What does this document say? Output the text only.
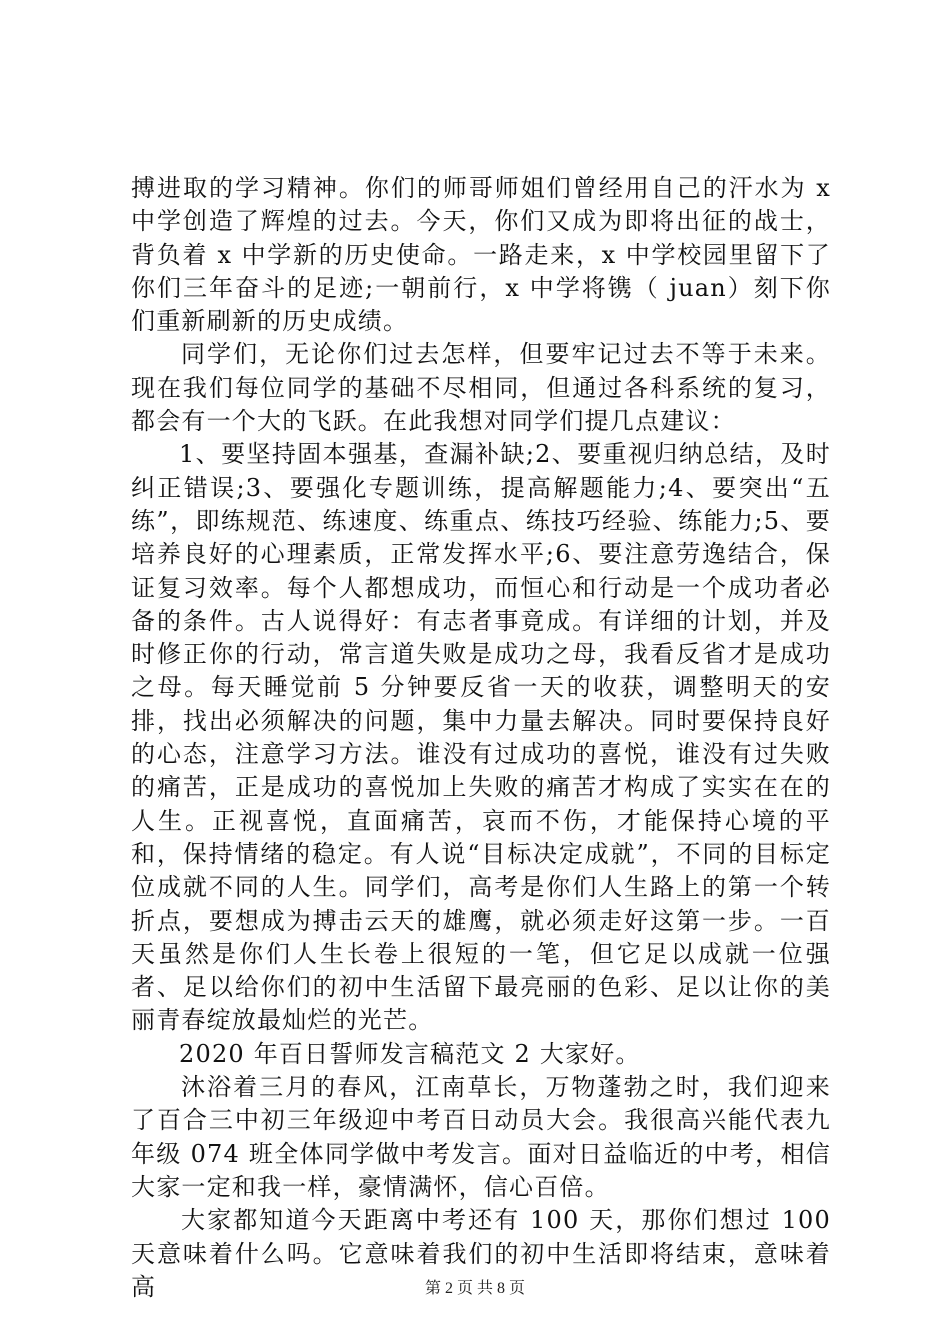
搏进取的学习精神。你们的师哥师姐们曾经用自己的汗水为 x 中学创造了辉煌的过去。今天，你们又成为即将出征的战士，背负着 x 中学新的历史使命。一路走来，x 中学校园里留下了你们三年奋斗的足迹;一朝前行，x 中学将镌（ juan）刻下你们重新刷新的历史成绩。

同学们，无论你们过去怎样，但要牢记过去不等于未来。现在我们每位同学的基础不尽相同，但通过各科系统的复习，都会有一个大的飞跃。在此我想对同学们提几点建议：

1、要坚持固本强基，查漏补缺;2、要重视归纳总结，及时纠正错误;3、要强化专题训练，提高解题能力;4、要突出“五练”，即练规范、练速度、练重点、练技巧经验、练能力;5、要培养良好的心理素质，正常发挥水平;6、要注意劳逸结合，保证复习效率。每个人都想成功，而恒心和行动是一个成功者必备的条件。古人说得好：有志者事竟成。有详细的计划，并及时修正你的行动，常言道失败是成功之母，我看反省才是成功之母。每天睡觉前 5 分钟要反省一天的收获，调整明天的安排，找出必须解决的问题，集中力量去解决。同时要保持良好的心态，注意学习方法。谁没有过成功的喜悦，谁没有过失败的痛苦，正是成功的喜悦加上失败的痛苦才构成了实实在在的人生。正视喜悦，直面痛苦，哀而不伤，才能保持心境的平和，保持情绪的稳定。有人说“目标决定成就”，不同的目标定位成就不同的人生。同学们，高考是你们人生路上的第一个转折点，要想成为搏击云天的雄鹰，就必须走好这第一步。一百天虽然是你们人生长卷上很短的一笔，但它足以成就一位强者、足以给你们的初中生活留下最亮丽的色彩、足以让你的美丽青春绽放最灿烂的光芒。

2020 年百日誓师发言稿范文 2 大家好。

沐浴着三月的春风，江南草长，万物蓬勃之时，我们迎来了百合三中初三年级迎中考百日动员大会。我很高兴能代表九年级 074 班全体同学做中考发言。面对日益临近的中考，相信大家一定和我一样，豪情满怀，信心百倍。

大家都知道今天距离中考还有 100 天，那你们想过 100 天意味着什么吗。它意味着我们的初中生活即将结束，意味着高	第 2 页 共 8 页
